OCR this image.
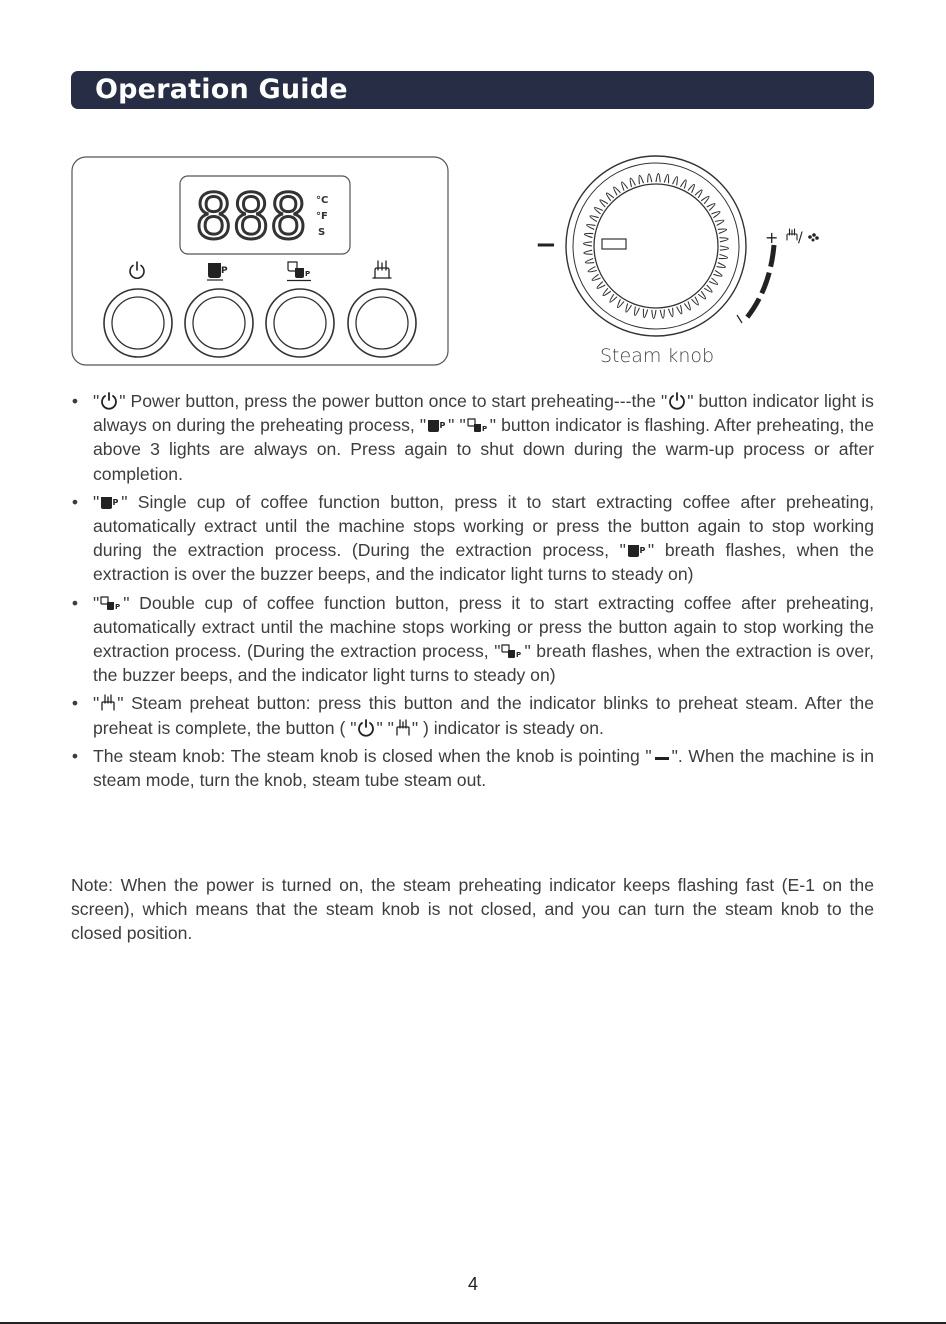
Operation Guide
888 °C
°F
S
P	P
−	+ /
Steam knob
• " " Power button, press the power button once to start preheating---the " " button indicator light is always on during the preheating process, " P " " P " button indicator is flashing. After preheating, the above 3 lights are always on. Press again to shut down during the warm-up process or after completion.
• " P " Single cup of coffee function button, press it to start extracting coffee after preheating, automatically extract until the machine stops working or press the button again to stop working during the extraction process. (During the extraction process, " P " breath flashes, when the extraction is over the buzzer beeps, and the indicator light turns to steady on)
• " P " Double cup of coffee function button, press it to start extracting coffee after preheating, automatically extract until the machine stops working or press the button again to stop working the extraction process. (During the extraction process, " P " breath flashes, when the extraction is over, the buzzer beeps, and the indicator light turns to steady on)
• " " Steam preheat button: press this button and the indicator blinks to preheat steam. After the preheat is complete, the button ( " " " " ) indicator is steady on.
• The steam knob: The steam knob is closed when the knob is pointing " ". When the machine is in steam mode, turn the knob, steam tube steam out.
Note: When the power is turned on, the steam preheating indicator keeps flashing fast (E-1 on the screen), which means that the steam knob is not closed, and you can turn the steam knob to the closed position.
4
